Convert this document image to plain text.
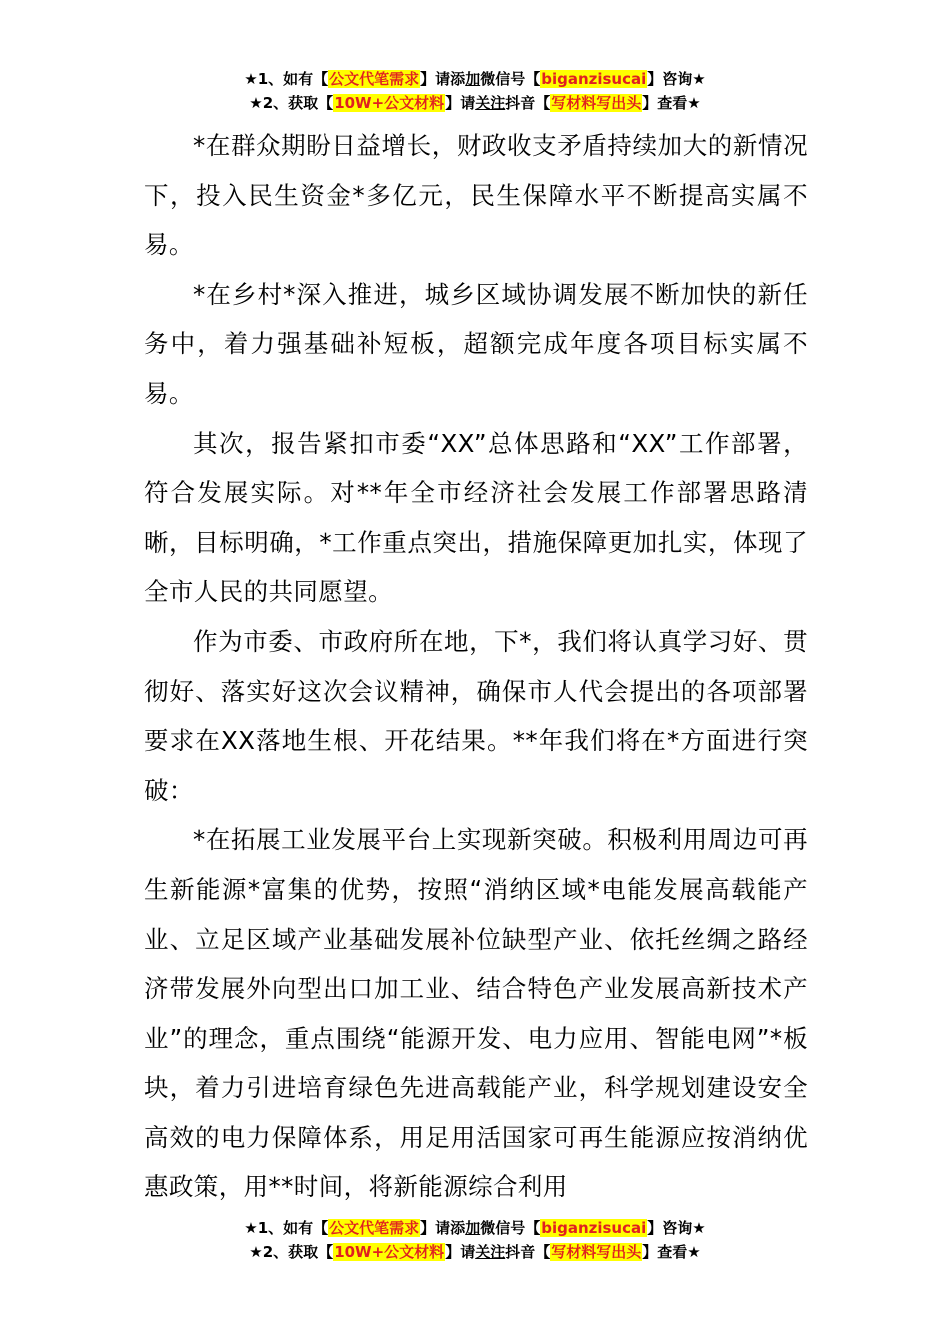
★1、如有【公文代笔需求】请添加微信号【biganzisucai】咨询★
★2、获取【10W+公文材料】请关注抖音【写材料写出头】查看★

*在群众期盼日益增长，财政收支矛盾持续加大的新情况下，投入民生资金*多亿元，民生保障水平不断提高实属不易。

*在乡村*深入推进，城乡区域协调发展不断加快的新任务中，着力强基础补短板，超额完成年度各项目标实属不易。

其次，报告紧扣市委“XX”总体思路和“XX”工作部署，符合发展实际。对**年全市经济社会发展工作部署思路清晰，目标明确，*工作重点突出，措施保障更加扎实，体现了全市人民的共同愿望。

作为市委、市政府所在地，下*，我们将认真学习好、贯彻好、落实好这次会议精神，确保市人代会提出的各项部署要求在XX落地生根、开花结果。**年我们将在*方面进行突破：

*在拓展工业发展平台上实现新突破。积极利用周边可再生新能源*富集的优势，按照“消纳区域*电能发展高载能产业、立足区域产业基础发展补位缺型产业、依托丝绸之路经济带发展外向型出口加工业、结合特色产业发展高新技术产业”的理念，重点围绕“能源开发、电力应用、智能电网”*板块，着力引进培育绿色先进高载能产业，科学规划建设安全高效的电力保障体系，用足用活国家可再生能源应按消纳优惠政策，用**时间，将新能源综合利用

★1、如有【公文代笔需求】请添加微信号【biganzisucai】咨询★
★2、获取【10W+公文材料】请关注抖音【写材料写出头】查看★
